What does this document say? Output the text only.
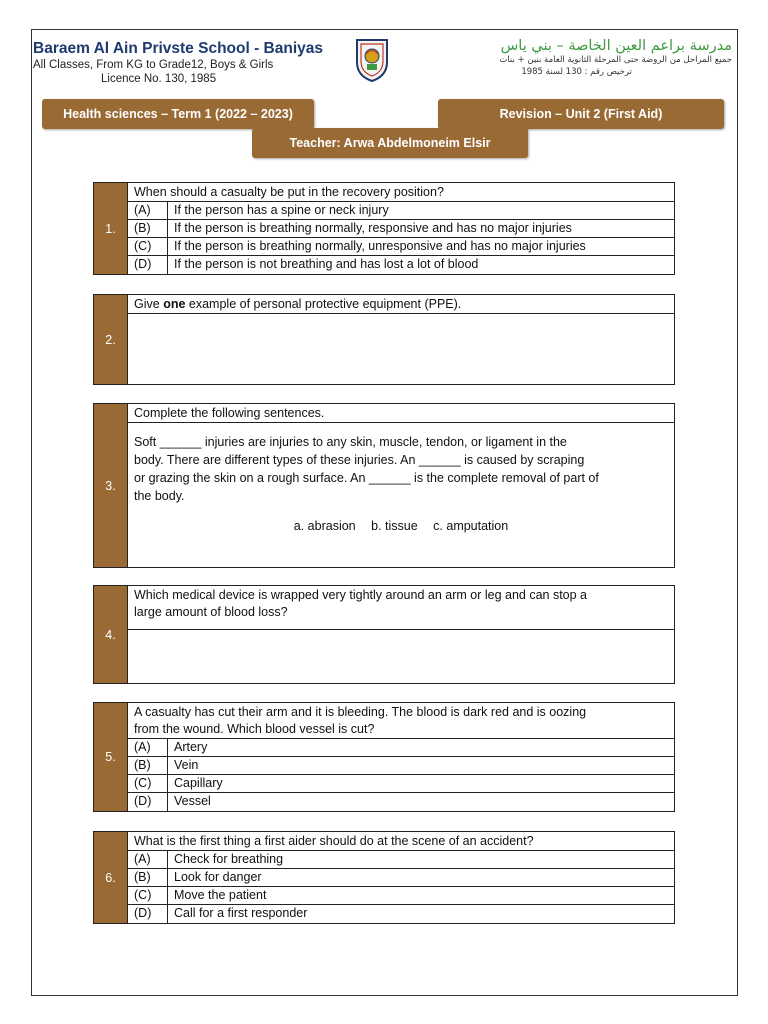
Baraem Al Ain Privste School - Baniyas
All Classes, From KG to Grade12, Boys & Girls
Licence No. 130, 1985
مدرسة براعم العين الخاصة – بني ياس
جميع المراحل من الروضة حتى المرحلة الثانوية العامة بنين + بنات
ترخيص رقم : 130 لسنة 1985
Health sciences – Term 1 (2022 – 2023)	Revision – Unit 2 (First Aid)
Teacher: Arwa Abdelmoneim Elsir
1.
When should a casualty be put in the recovery position?
(A)	If the person has a spine or neck injury
(B)	If the person is breathing normally, responsive and has no major injuries
(C)	If the person is breathing normally, unresponsive and has no major injuries
(D)	If the person is not breathing and has lost a lot of blood
2.
Give one example of personal protective equipment (PPE).
3.
Complete the following sentences.
Soft ______ injuries are injuries to any skin, muscle, tendon, or ligament in the
body. There are different types of these injuries. An ______ is caused by scraping
or grazing the skin on a rough surface. An ______ is the complete removal of part of
the body.
a. abrasion b. tissue c. amputation
4.
Which medical device is wrapped very tightly around an arm or leg and can stop a
large amount of blood loss?
5.
A casualty has cut their arm and it is bleeding. The blood is dark red and is oozing
from the wound. Which blood vessel is cut?
(A)	Artery
(B)	Vein
(C)	Capillary
(D)	Vessel
6.
What is the first thing a first aider should do at the scene of an accident?
(A)	Check for breathing
(B)	Look for danger
(C)	Move the patient
(D)	Call for a first responder
